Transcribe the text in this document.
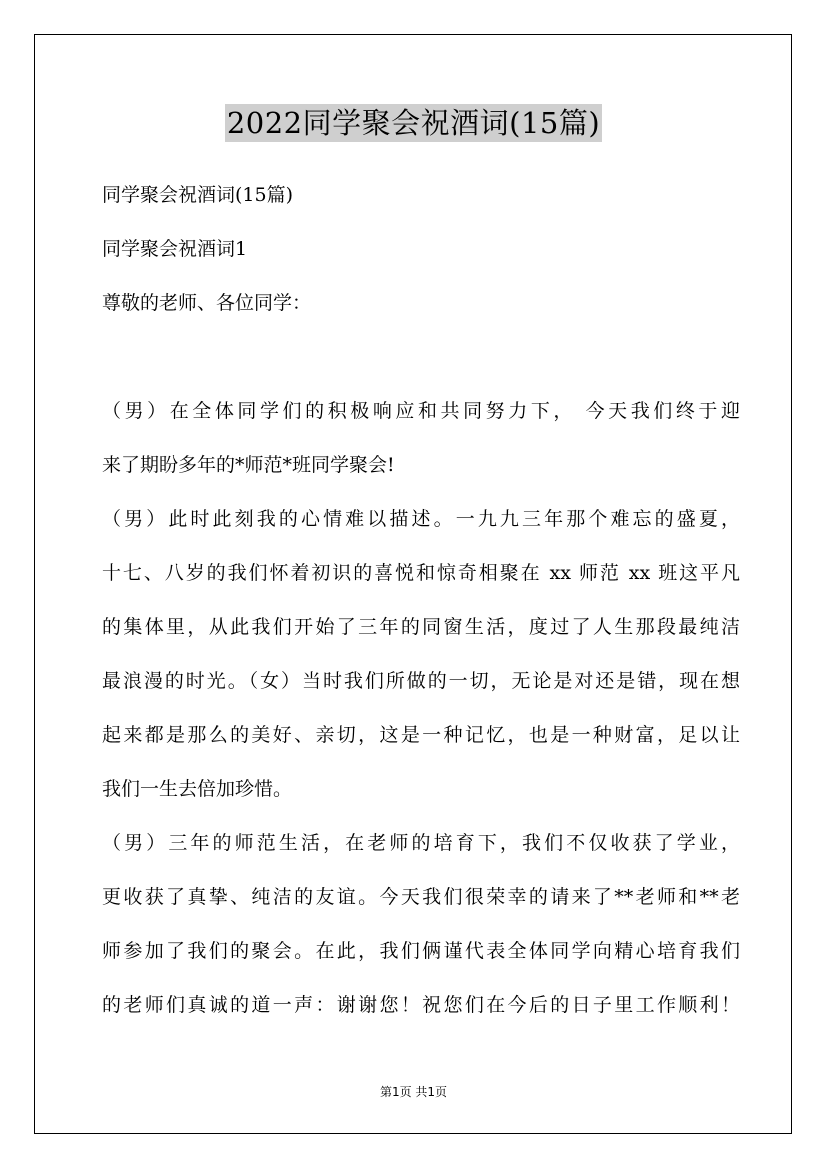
2022同学聚会祝酒词(15篇)
同学聚会祝酒词(15篇)
同学聚会祝酒词1
尊敬的老师、各位同学：
（男）在全体同学们的积极响应和共同努力下， 今天我们终于迎
来了期盼多年的*师范*班同学聚会!
（男）此时此刻我的心情难以描述。一九九三年那个难忘的盛夏，
十七、八岁的我们怀着初识的喜悦和惊奇相聚在 xx 师范 xx 班这平凡
的集体里，从此我们开始了三年的同窗生活，度过了人生那段最纯洁
最浪漫的时光。（女）当时我们所做的一切，无论是对还是错，现在想
起来都是那么的美好、亲切，这是一种记忆，也是一种财富，足以让
我们一生去倍加珍惜。
（男）三年的师范生活，在老师的培育下，我们不仅收获了学业，
更收获了真挚、纯洁的友谊。今天我们很荣幸的请来了**老师和**老
师参加了我们的聚会。在此，我们俩谨代表全体同学向精心培育我们
的老师们真诚的道一声：谢谢您！祝您们在今后的日子里工作顺利！
第1页 共1页
